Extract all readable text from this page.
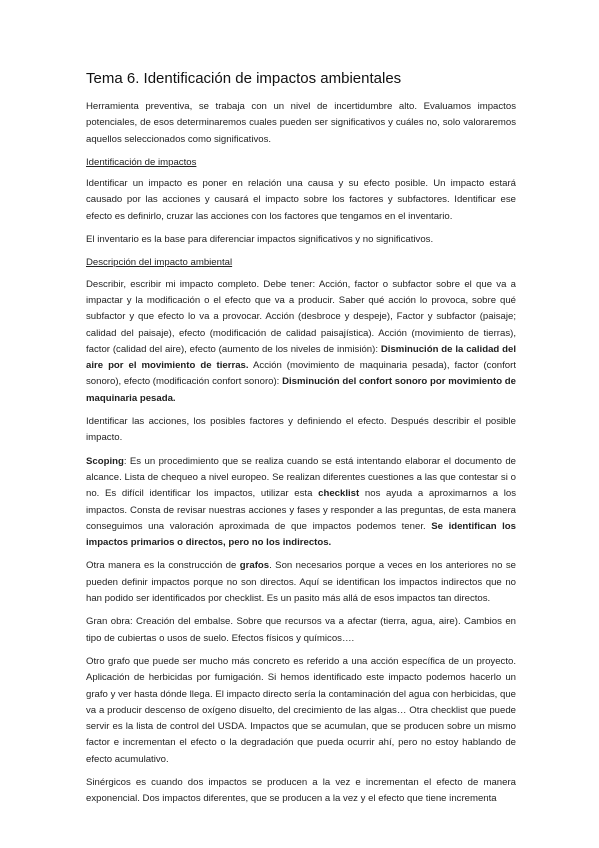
Tema 6. Identificación de impactos ambientales

Herramienta preventiva, se trabaja con un nivel de incertidumbre alto. Evaluamos impactos potenciales, de esos determinaremos cuales pueden ser significativos y cuáles no, solo valoraremos aquellos seleccionados como significativos.

Identificación de impactos

Identificar un impacto es poner en relación una causa y su efecto posible. Un impacto estará causado por las acciones y causará el impacto sobre los factores y subfactores. Identificar ese efecto es definirlo, cruzar las acciones con los factores que tengamos en el inventario.

El inventario es la base para diferenciar impactos significativos y no significativos.

Descripción del impacto ambiental

Describir, escribir mi impacto completo. Debe tener: Acción, factor o subfactor sobre el que va a impactar y la modificación o el efecto que va a producir. Saber qué acción lo provoca, sobre qué subfactor y que efecto lo va a provocar. Acción (desbroce y despeje), Factor y subfactor (paisaje; calidad del paisaje), efecto (modificación de calidad paisajística). Acción (movimiento de tierras), factor (calidad del aire), efecto (aumento de los niveles de inmisión): Disminución de la calidad del aire por el movimiento de tierras. Acción (movimiento de maquinaria pesada), factor (confort sonoro), efecto (modificación confort sonoro): Disminución del confort sonoro por movimiento de maquinaria pesada.

Identificar las acciones, los posibles factores y definiendo el efecto. Después describir el posible impacto.

Scoping: Es un procedimiento que se realiza cuando se está intentando elaborar el documento de alcance. Lista de chequeo a nivel europeo. Se realizan diferentes cuestiones a las que contestar si o no. Es difícil identificar los impactos, utilizar esta checklist nos ayuda a aproximarnos a los impactos. Consta de revisar nuestras acciones y fases y responder a las preguntas, de esta manera conseguimos una valoración aproximada de que impactos podemos tener. Se identifican los impactos primarios o directos, pero no los indirectos.

Otra manera es la construcción de grafos. Son necesarios porque a veces en los anteriores no se pueden definir impactos porque no son directos. Aquí se identifican los impactos indirectos que no han podido ser identificados por checklist. Es un pasito más allá de esos impactos tan directos.

Gran obra: Creación del embalse. Sobre que recursos va a afectar (tierra, agua, aire). Cambios en tipo de cubiertas o usos de suelo. Efectos físicos y químicos….

Otro grafo que puede ser mucho más concreto es referido a una acción específica de un proyecto. Aplicación de herbicidas por fumigación. Si hemos identificado este impacto podemos hacerlo un grafo y ver hasta dónde llega. El impacto directo sería la contaminación del agua con herbicidas, que va a producir descenso de oxígeno disuelto, del crecimiento de las algas… Otra checklist que puede servir es la lista de control del USDA. Impactos que se acumulan, que se producen sobre un mismo factor e incrementan el efecto o la degradación que pueda ocurrir ahí, pero no estoy hablando de efecto acumulativo.

Sinérgicos es cuando dos impactos se producen a la vez e incrementan el efecto de manera exponencial. Dos impactos diferentes, que se producen a la vez y el efecto que tiene incrementa
